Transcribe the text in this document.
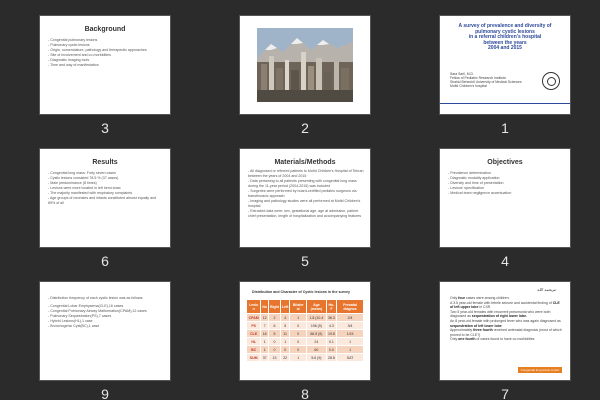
Background
- Congenital pulmonary lesions
- Pulmonary cystic lesions
- Origin, nomenclature, pathology and therapeutic approaches
- Site of involvement and co-morbidities
- Diagnostic imaging tools
- Time and way of manifestation
3	2
A survey of prevalence and diversity of
pulmonary cystic lesions
in a referral children's hospital
between the years
2004 and 2015
Sara Sarli, M.D.
Fellow of Pediatric Research Institute
Shahid Beheshti University of Medical Sciences
Mofid Children's hospital
1
Results
- Congenital lung mass: Forty seven cases
- Cystic lesions consisted 78.5 % (37 cases)
- Male predominance (8 times)
- Lesions were more located in left hemi-torax
- The majority manifested with respiratory complaints
- Age groups of neonates and infants constituted almost equally and 89% of all
6
Materials/Methods
- All diagnosed or referred patients to Mofid Children's Hospital of Tehran between the years of 2004 and 2015
- Data pertaining to all patients presenting with congenital lung mass during the 11-year period (2004-2015) was included
- Surgeries were performed by board-certified pediatric surgeons via transthoracic approach
- Imaging and pathology studies were all performed at Mofid Children's hospital
- Extracted data were: sex, gestational age, age at admission, patient chief presentation, length of hospitalization and accompanying features
5
Objectives
- Prevalence determination
- Diagnostic modality application
- Diversity and time of presentation
- Lesions' specification
- Medical team negligence accentuation
4
- Distribution frequency of each cystic lesion was as follows:
- Congenital Lobar Emphysema(CLE),16 cases
- Congenital Pulmonary Airway Malformation(CPAM),12 cases
- Pulmonary Sequestration(PS),7 cases
- Hybrid Lesions(HL),1 case
- Bronchogenic Cyst(BC),1 case
9
Distribution and Character of Cystic lesions in the survey
Lesio n	No	Right	Left	Bilater al	Age (mean)	Ho-F	Prenatal diagnos
CPAM	12	2	4	1	1.8 (10.4	36.3	2/4
PS	7	6	5	0	196 (9)	4.3	3/4
CLE	16	5	11	0	66.5 (9)	19.8	1/15
HL	1	0	1	0	24	0.1	1
BC	1	0	0	0	60	0.0	1
SUM	37	13	22	1	5.6 (9)	28.8	SAT
8
ﺗﻢﺑﺤﻤﺪ ﺍﻟﻠﻪ

Only four cases were among children:

A 3.5 year-old female with febrile seizure and accidental finding of CLE of left upper lobe in CXR

Two 5 year-old females with recurrent pneumonia who were both diagnosed as sequestration of right lower lobe.

An 8 year-old female with prolonged fever who was again diagnosed as sequestration of left lower lobe

Approximately three fourth received antenatal diagnosis (most of which proved to be CLE?)

Only one fourth of cases found to have co-morbidities

Congenital lung lesion-Cystic lesions
7
